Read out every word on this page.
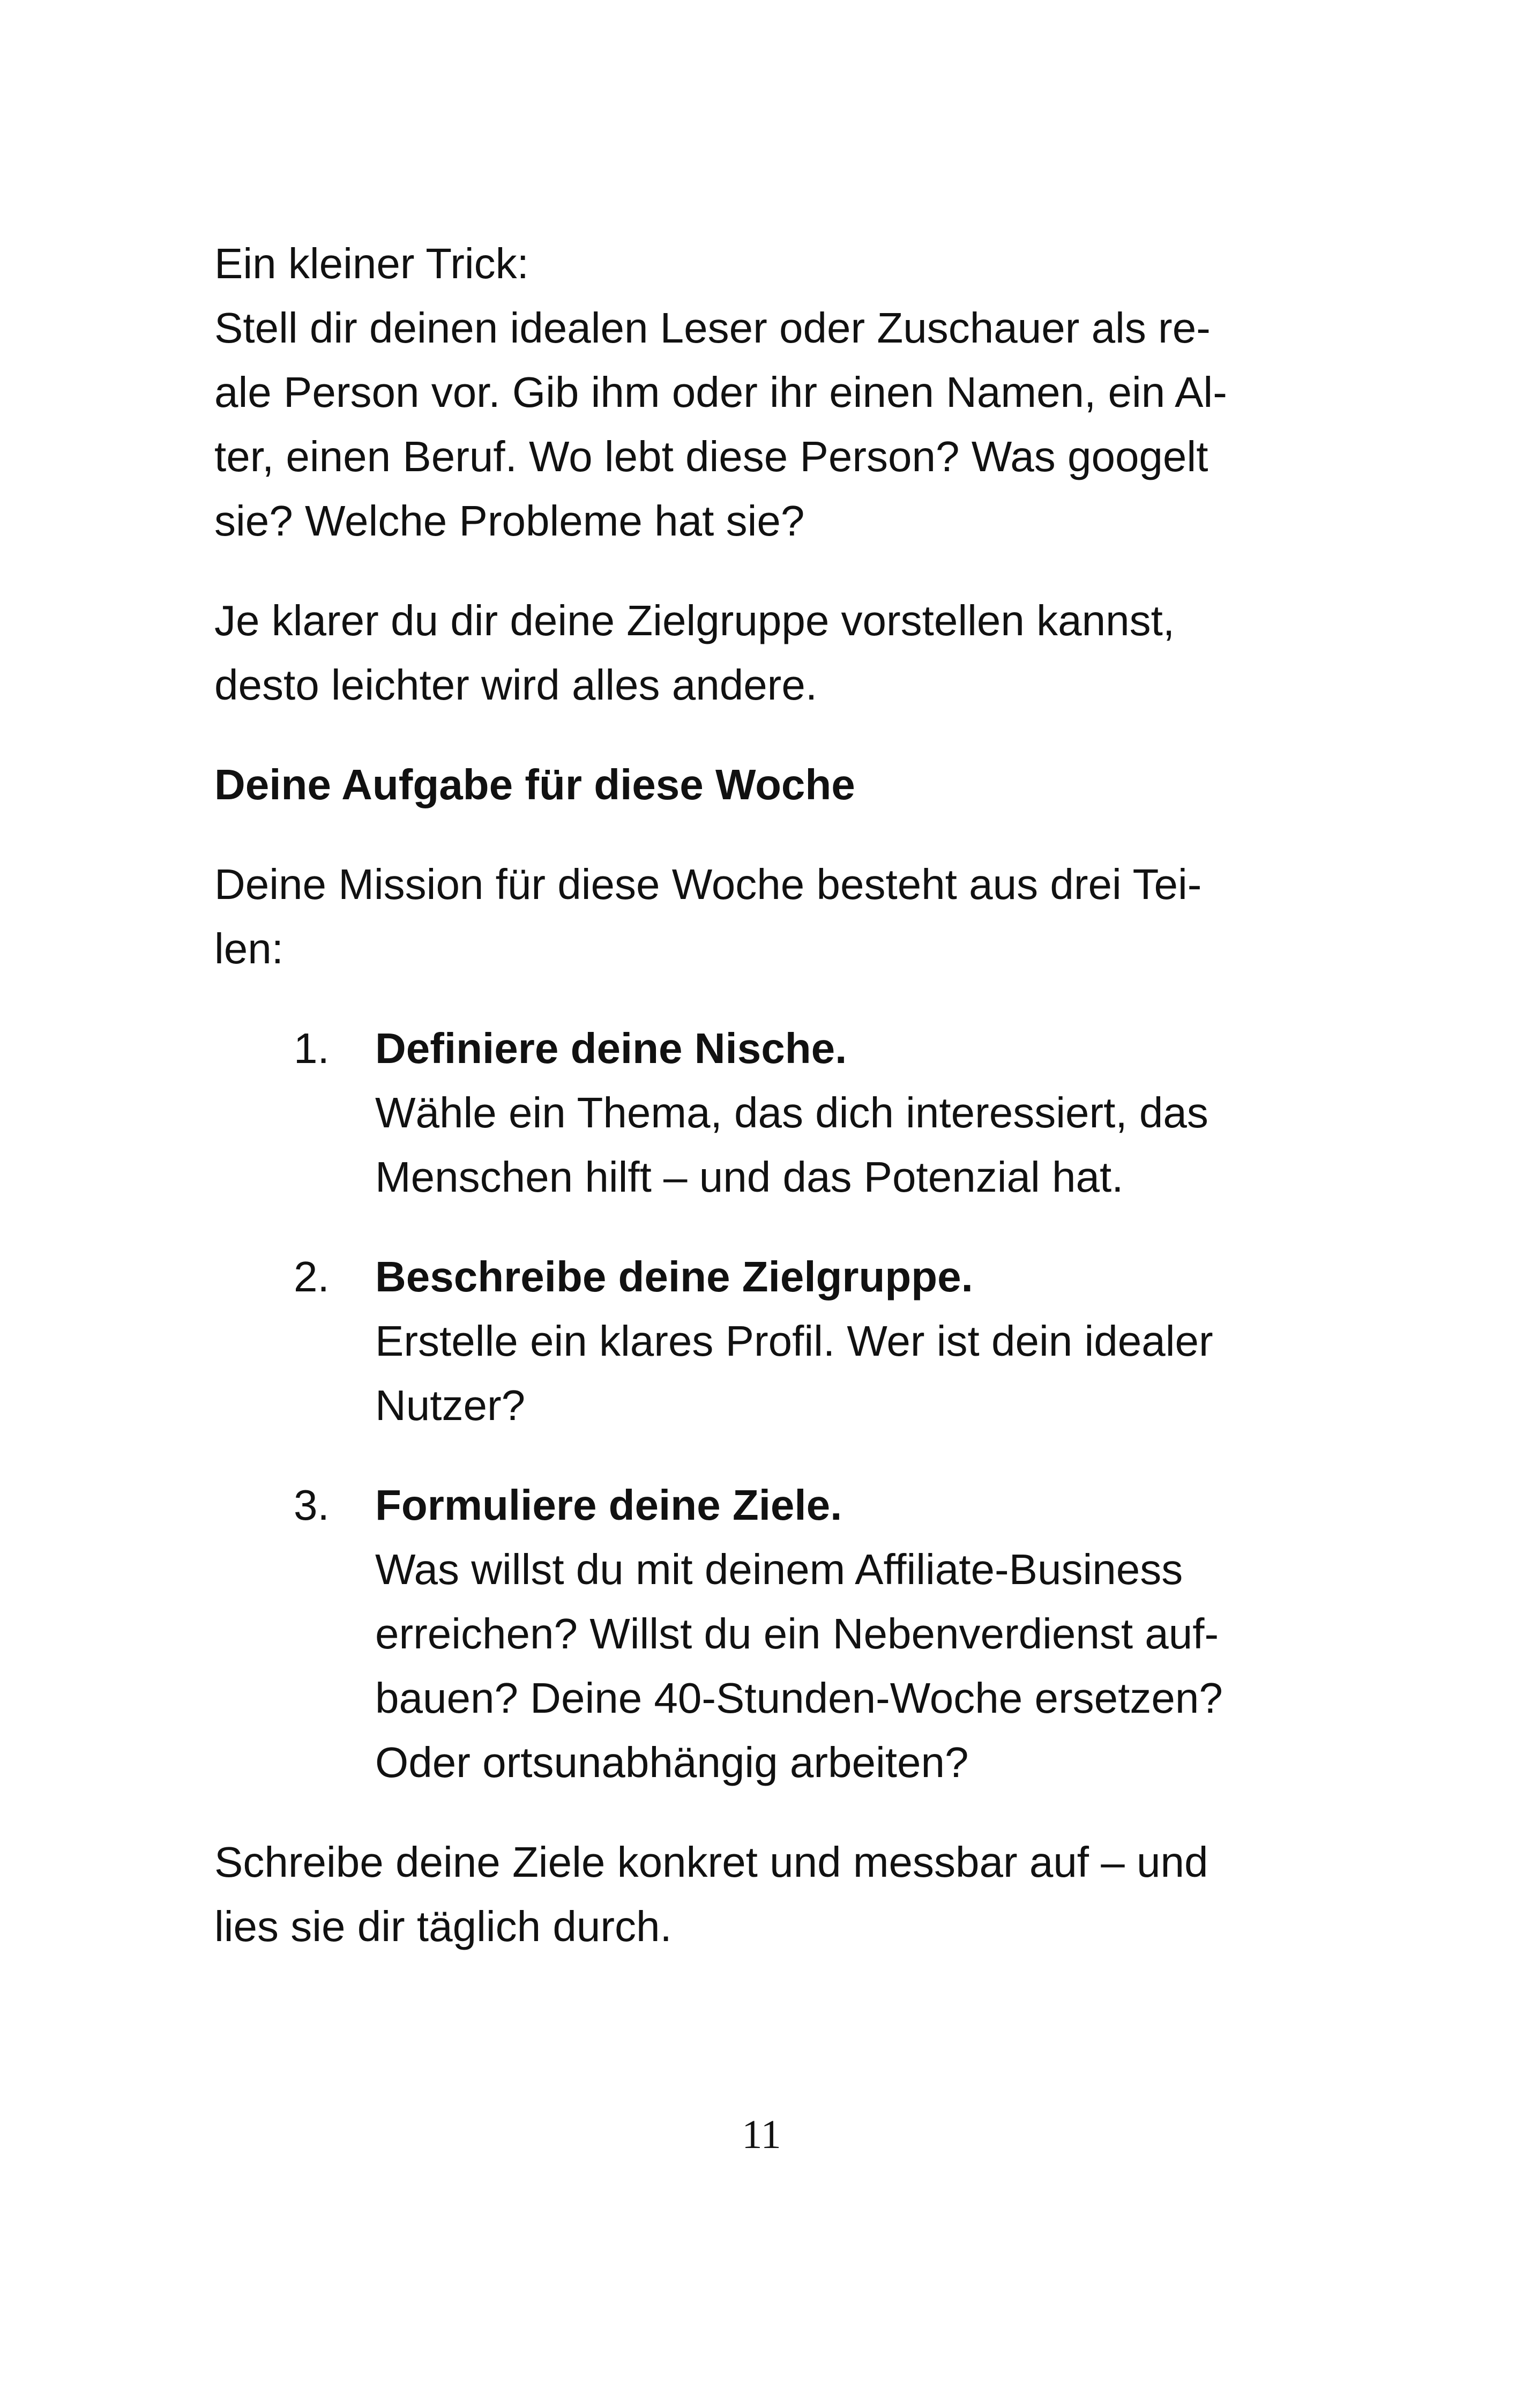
Ein kleiner Trick:
Stell dir deinen idealen Leser oder Zuschauer als re-
ale Person vor. Gib ihm oder ihr einen Namen, ein Al-
ter, einen Beruf. Wo lebt diese Person? Was googelt
sie? Welche Probleme hat sie?

Je klarer du dir deine Zielgruppe vorstellen kannst,
desto leichter wird alles andere.

Deine Aufgabe für diese Woche

Deine Mission für diese Woche besteht aus drei Tei-
len:

1.	Definiere deine Nische.
Wähle ein Thema, das dich interessiert, das
Menschen hilft – und das Potenzial hat.
2.	Beschreibe deine Zielgruppe.
Erstelle ein klares Profil. Wer ist dein idealer
Nutzer?
3.	Formuliere deine Ziele.
Was willst du mit deinem Affiliate-Business
erreichen? Willst du ein Nebenverdienst auf-
bauen? Deine 40-Stunden-Woche ersetzen?
Oder ortsunabhängig arbeiten?

Schreibe deine Ziele konkret und messbar auf – und
lies sie dir täglich durch.

11
